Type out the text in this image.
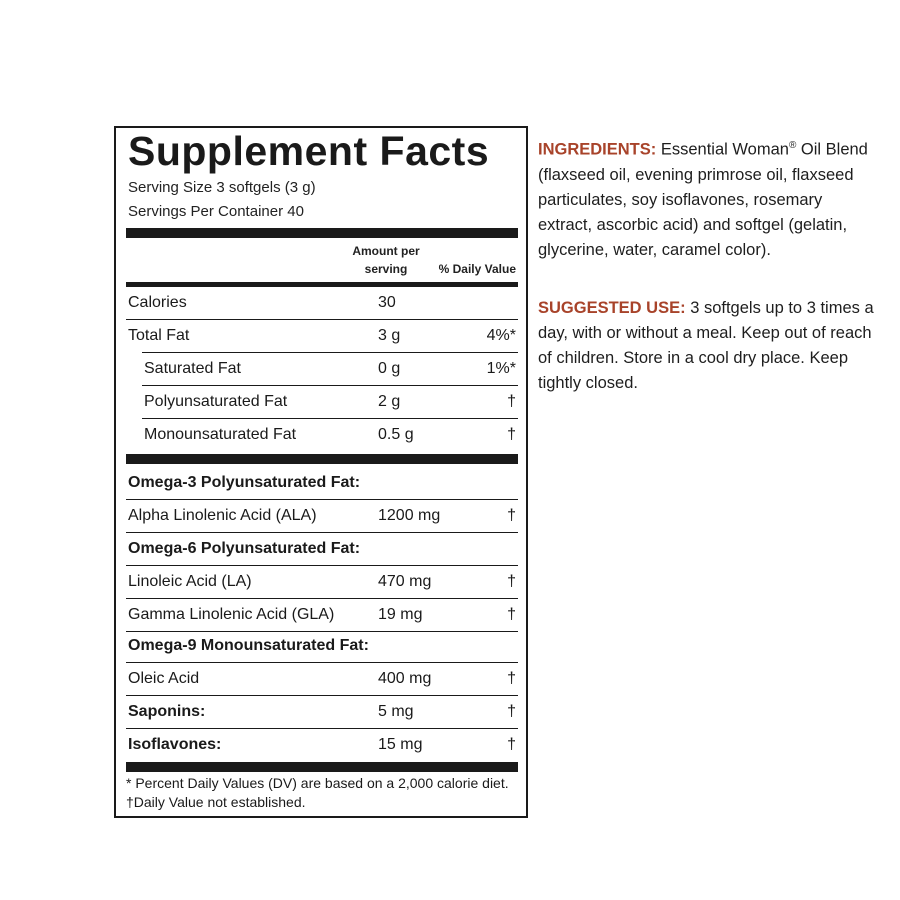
Supplement Facts
Serving Size 3 softgels (3 g)
Servings Per Container 40
Amount per serving	% Daily Value
Calories	30
Total Fat	3 g	4%*
Saturated Fat	0 g	1%*
Polyunsaturated Fat	2 g	†
Monounsaturated Fat	0.5 g	†
Omega-3 Polyunsaturated Fat:
Alpha Linolenic Acid (ALA)	1200 mg	†
Omega-6 Polyunsaturated Fat:
Linoleic Acid (LA)	470 mg	†
Gamma Linolenic Acid (GLA)	19 mg	†
Omega-9 Monounsaturated Fat:
Oleic Acid	400 mg	†
Saponins:	5 mg	†
Isoflavones:	15 mg	†
* Percent Daily Values (DV) are based on a 2,000 calorie diet.
†Daily Value not established.
INGREDIENTS: Essential Woman® Oil Blend (flaxseed oil, evening primrose oil, flaxseed particulates, soy isoflavones, rosemary extract, ascorbic acid) and softgel (gelatin, glycerine, water, caramel color).
SUGGESTED USE: 3 softgels up to 3 times a day, with or without a meal. Keep out of reach of children. Store in a cool dry place. Keep tightly closed.
